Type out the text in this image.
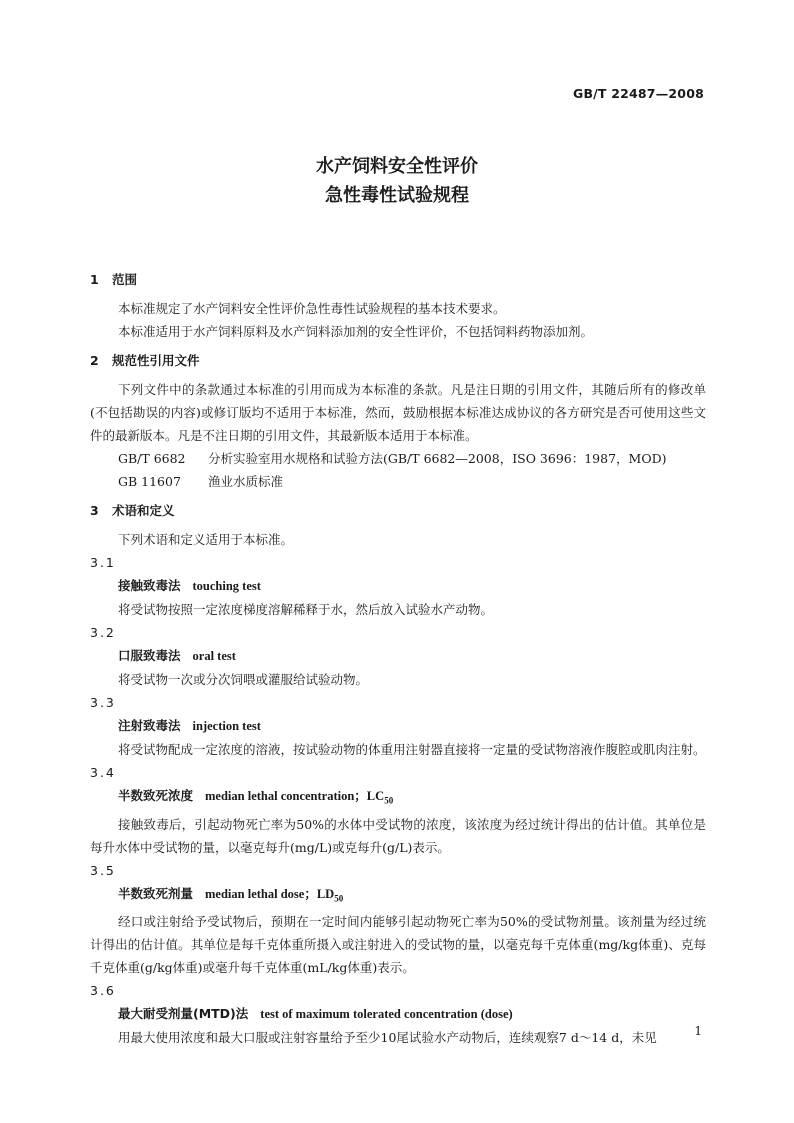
GB/T 22487—2008
水产饲料安全性评价
急性毒性试验规程

1 范围

本标准规定了水产饲料安全性评价急性毒性试验规程的基本技术要求。

本标准适用于水产饲料原料及水产饲料添加剂的安全性评价，不包括饲料药物添加剂。

2 规范性引用文件

下列文件中的条款通过本标准的引用而成为本标准的条款。凡是注日期的引用文件，其随后所有的修改单(不包括勘误的内容)或修订版均不适用于本标准，然而，鼓励根据本标准达成协议的各方研究是否可使用这些文件的最新版本。凡是不注日期的引用文件，其最新版本适用于本标准。

GB/T 6682 分析实验室用水规格和试验方法(GB/T 6682—2008，ISO 3696：1987，MOD)

GB 11607 渔业水质标准

3 术语和定义

下列术语和定义适用于本标准。

3.1

接触致毒法 touching test

将受试物按照一定浓度梯度溶解稀释于水，然后放入试验水产动物。

3.2

口服致毒法 oral test

将受试物一次或分次饲喂或灌服给试验动物。

3.3

注射致毒法 injection test

将受试物配成一定浓度的溶液，按试验动物的体重用注射器直接将一定量的受试物溶液作腹腔或肌肉注射。

3.4

半数致死浓度 median lethal concentration；$LC_{50}$

接触致毒后，引起动物死亡率为50%的水体中受试物的浓度，该浓度为经过统计得出的估计值。其单位是每升水体中受试物的量，以毫克每升(mg/L)或克每升(g/L)表示。

3.5

半数致死剂量 median lethal dose；$LD_{50}$

经口或注射给予受试物后，预期在一定时间内能够引起动物死亡率为50%的受试物剂量。该剂量为经过统计得出的估计值。其单位是每千克体重所摄入或注射进入的受试物的量，以毫克每千克体重(mg/kg体重)、克每千克体重(g/kg体重)或毫升每千克体重(mL/kg体重)表示。

3.6

最大耐受剂量(MTD)法 test of maximum tolerated concentration (dose)

用最大使用浓度和最大口服或注射容量给予至少10尾试验水产动物后，连续观察7 d～14 d，未见	1
